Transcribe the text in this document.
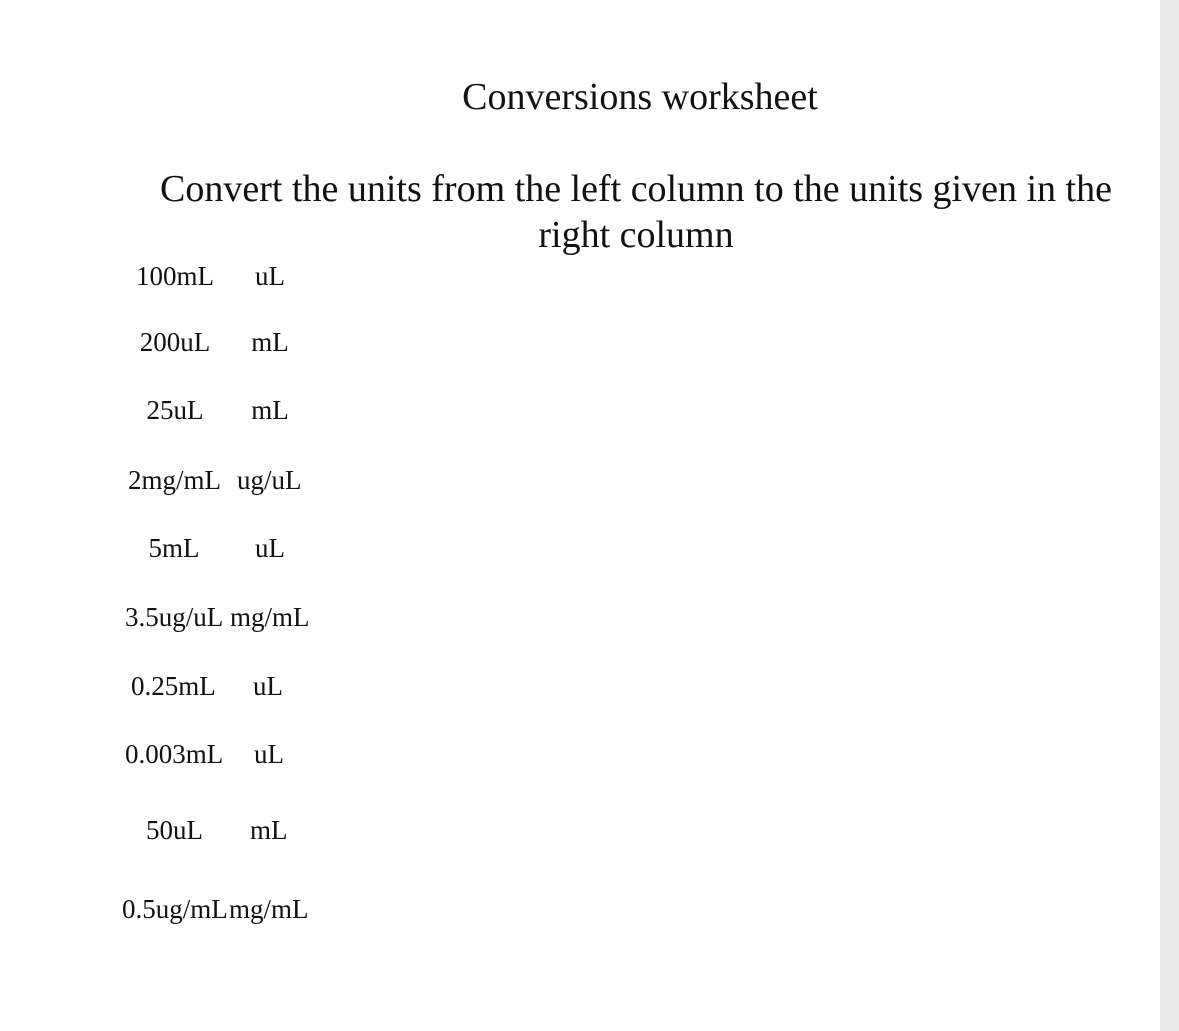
Conversions worksheet
Convert the units from the left column to the units given in the right column
100mL	uL
200uL	mL
25uL	mL
2mg/mL ug/uL
5mL	uL
3.5ug/uL mg/mL
0.25mL	uL
0.003mL uL
50uL	mL
0.5ug/mL mg/mL
